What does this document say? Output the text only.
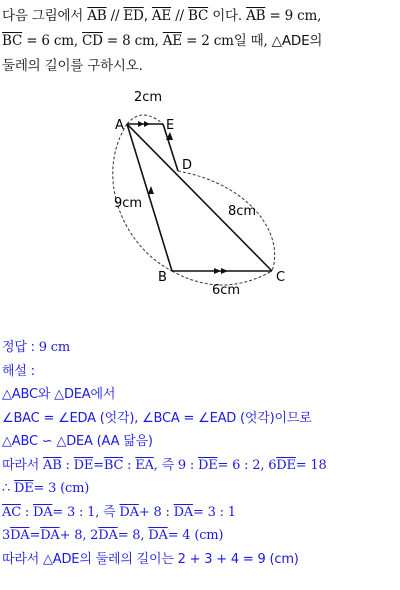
다음 그림에서 $\overline{AB} // \overline{ED}$, $\overline{AE} // \overline{BC}$ 이다. $\overline{AB} = 9$ cm,
$\overline{BC} = 6$ cm, $\overline{CD} = 8$ cm, $\overline{AE} = 2$ cm일 때, △ADE의
둘레의 길이를 구하시오.
2cm
9cm
8cm
6cm
A	E
D
B	C
정답 : 9 cm
해설 :
△ABC와 △DEA에서
∠BAC = ∠EDA (엇각), ∠BCA = ∠EAD (엇각)이므로
△ABC ∽ △DEA (AA 닮음)
따라서 $\overline{AB}$ : $\overline{DE}=\overline{BC}$ : $\overline{EA}$, 즉 9 : $\overline{DE}= 6$ : 2, $6\overline{DE}= 18$
∴ $\overline{DE}= 3$ (cm)
$\overline{AC}$ : $\overline{DA}= 3$ : 1, 즉 $\overline{DA}+ 8$ : $\overline{DA}= 3$ : 1
$3\overline{DA}=\overline{DA}+ 8$, $2\overline{DA}= 8$, $\overline{DA}= 4$ (cm)
따라서 △ADE의 둘레의 길이는 2 + 3 + 4 = 9 (cm)
